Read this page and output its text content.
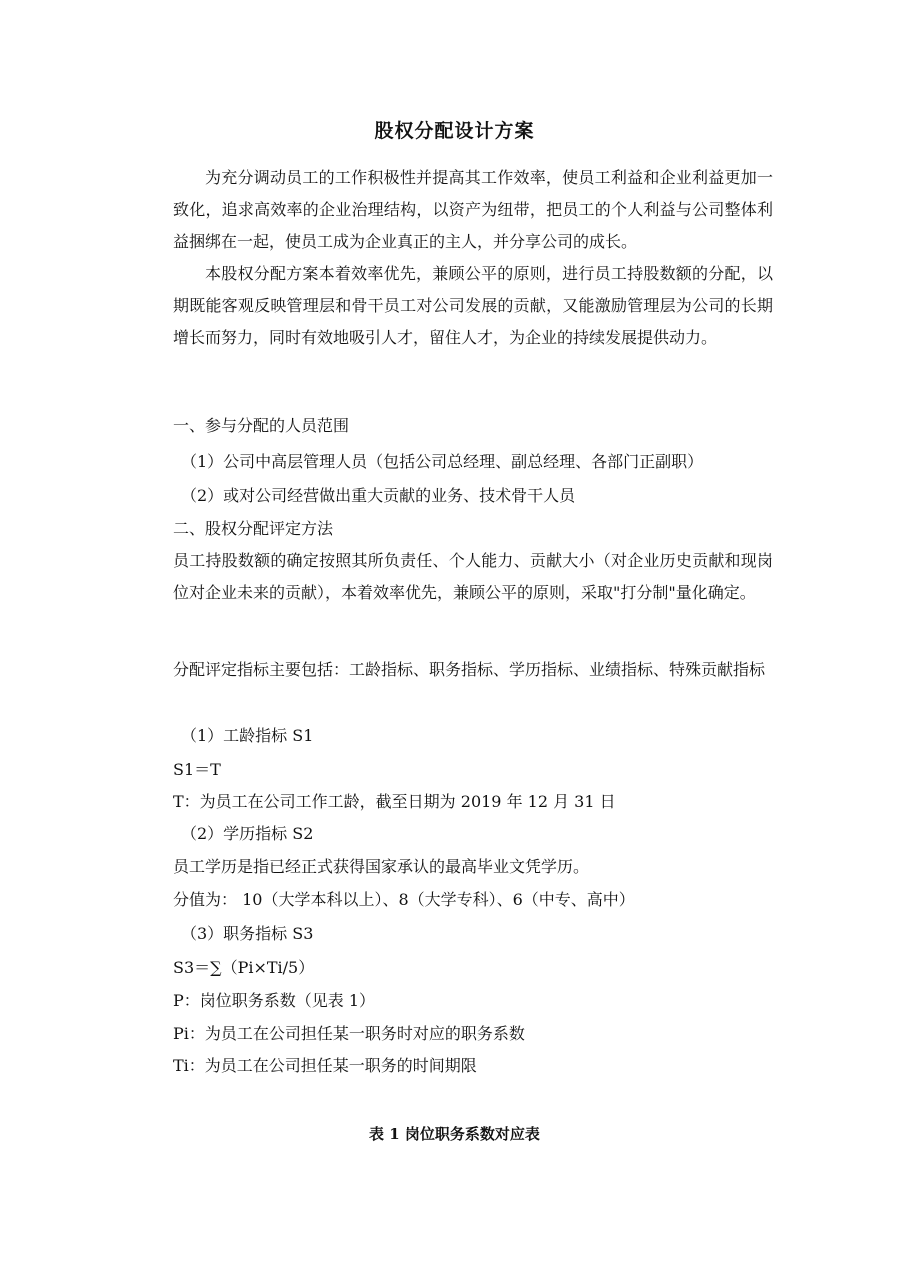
股权分配设计方案

为充分调动员工的工作积极性并提高其工作效率，使员工利益和企业利益更加一致化，追求高效率的企业治理结构，以资产为纽带，把员工的个人利益与公司整体利益捆绑在一起，使员工成为企业真正的主人，并分享公司的成长。

本股权分配方案本着效率优先，兼顾公平的原则，进行员工持股数额的分配，以期既能客观反映管理层和骨干员工对公司发展的贡献，又能激励管理层为公司的长期增长而努力，同时有效地吸引人才，留住人才，为企业的持续发展提供动力。

一、参与分配的人员范围
（1）公司中高层管理人员（包括公司总经理、副总经理、各部门正副职）
（2）或对公司经营做出重大贡献的业务、技术骨干人员
二、股权分配评定方法
员工持股数额的确定按照其所负责任、个人能力、贡献大小（对企业历史贡献和现岗位对企业未来的贡献），本着效率优先，兼顾公平的原则，采取"打分制"量化确定。
分配评定指标主要包括：工龄指标、职务指标、学历指标、业绩指标、特殊贡献指标
（1）工龄指标 S1
S1＝T
T：为员工在公司工作工龄，截至日期为 2019 年 12 月 31 日
（2）学历指标 S2
员工学历是指已经正式获得国家承认的最高毕业文凭学历。
分值为： 10（大学本科以上）、8（大学专科）、6（中专、高中）
（3）职务指标 S3
S3＝∑（Pi×Ti/5）
P：岗位职务系数（见表 1）
Pi：为员工在公司担任某一职务时对应的职务系数
Ti：为员工在公司担任某一职务的时间期限
表 1 岗位职务系数对应表
